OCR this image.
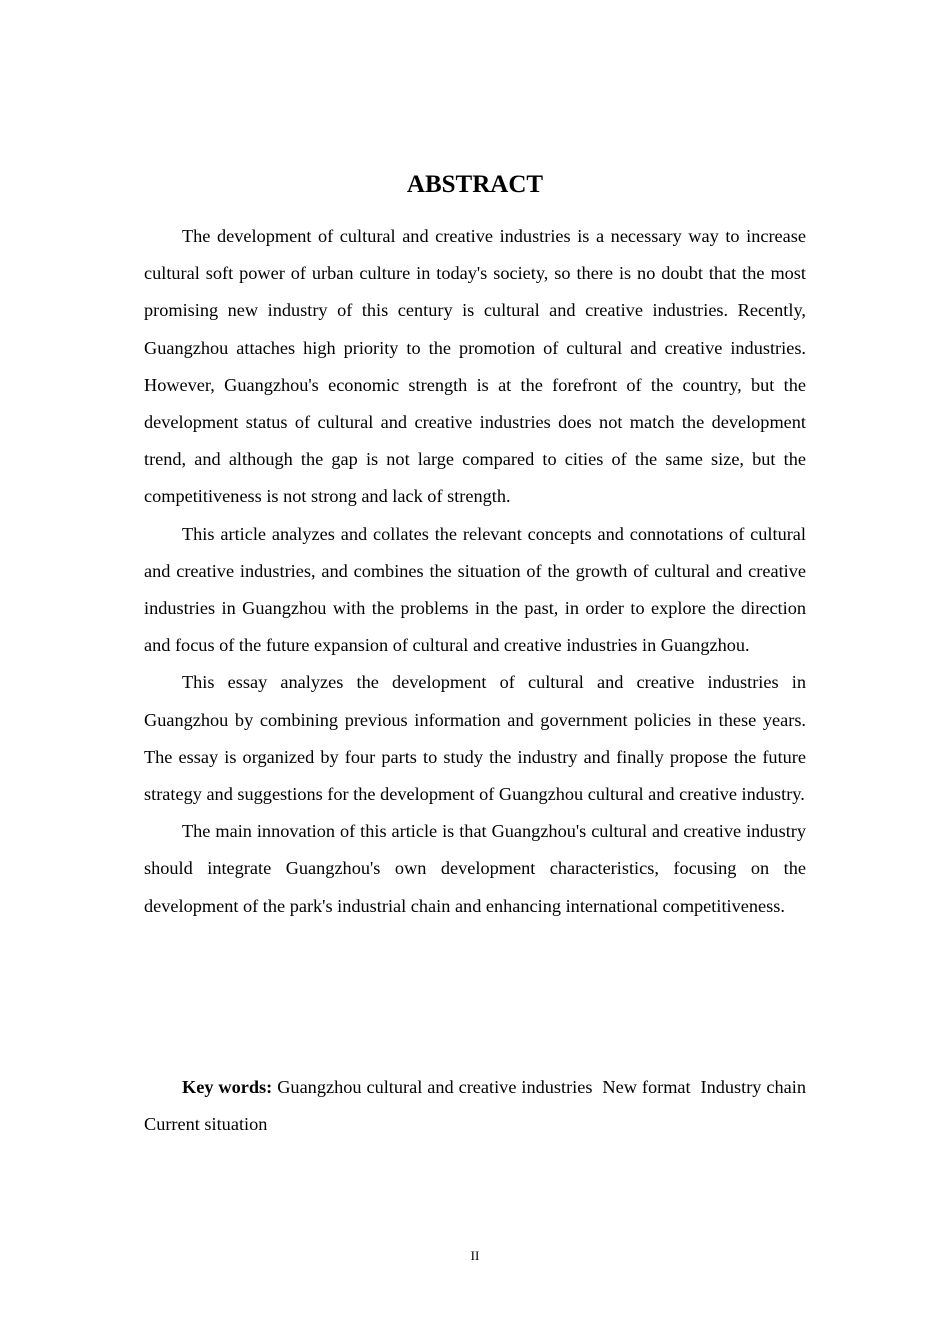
ABSTRACT

The development of cultural and creative industries is a necessary way to increase cultural soft power of urban culture in today's society, so there is no doubt that the most promising new industry of this century is cultural and creative industries. Recently, Guangzhou attaches high priority to the promotion of cultural and creative industries. However, Guangzhou's economic strength is at the forefront of the country, but the development status of cultural and creative industries does not match the development trend, and although the gap is not large compared to cities of the same size, but the competitiveness is not strong and lack of strength.

This article analyzes and collates the relevant concepts and connotations of cultural and creative industries, and combines the situation of the growth of cultural and creative industries in Guangzhou with the problems in the past, in order to explore the direction and focus of the future expansion of cultural and creative industries in Guangzhou.

This essay analyzes the development of cultural and creative industries in Guangzhou by combining previous information and government policies in these years. The essay is organized by four parts to study the industry and finally propose the future strategy and suggestions for the development of Guangzhou cultural and creative industry.

The main innovation of this article is that Guangzhou's cultural and creative industry should integrate Guangzhou's own development characteristics, focusing on the development of the park's industrial chain and enhancing international competitiveness.

Key words: Guangzhou cultural and creative industries  New format  Industry chain  Current situation

II
